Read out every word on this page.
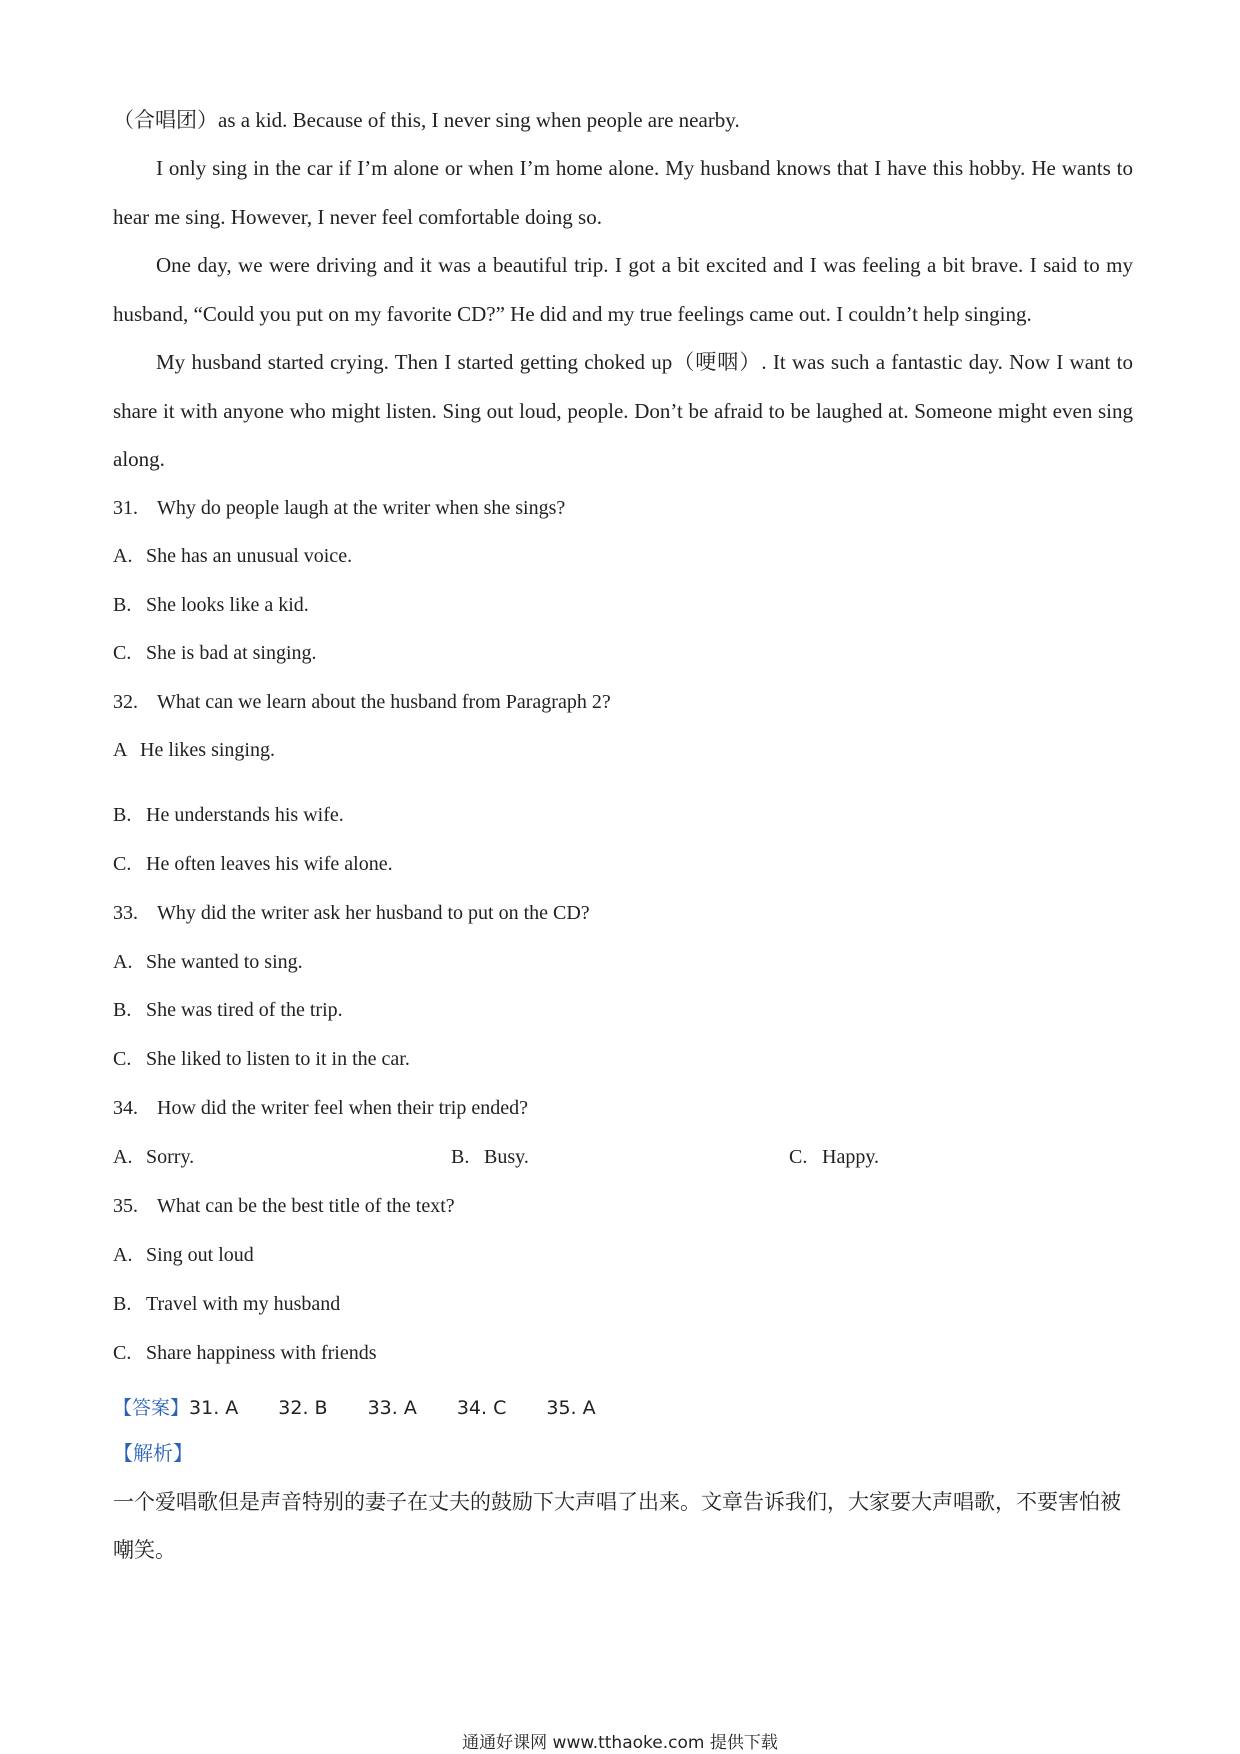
（合唱团）as a kid. Because of this, I never sing when people are nearby.
I only sing in the car if I’m alone or when I’m home alone. My husband knows that I have this hobby. He wants to hear me sing. However, I never feel comfortable doing so.
One day, we were driving and it was a beautiful trip. I got a bit excited and I was feeling a bit brave. I said to my husband, “Could you put on my favorite CD?” He did and my true feelings came out. I couldn’t help singing.
My husband started crying. Then I started getting choked up（哽咽）. It was such a fantastic day. Now I want to share it with anyone who might listen. Sing out loud, people. Don’t be afraid to be laughed at. Someone might even sing along.
31. Why do people laugh at the writer when she sings?
A. She has an unusual voice.
B. She looks like a kid.
C. She is bad at singing.
32. What can we learn about the husband from Paragraph 2?
A He likes singing.
B. He understands his wife.
C. He often leaves his wife alone.
33. Why did the writer ask her husband to put on the CD?
A. She wanted to sing.
B. She was tired of the trip.
C. She liked to listen to it in the car.
34. How did the writer feel when their trip ended?
A. Sorry.	B. Busy.	C. Happy.
35. What can be the best title of the text?
A. Sing out loud
B. Travel with my husband
C. Share happiness with friends
【答案】31. A 32. B 33. A 34. C 35. A
【解析】
一个爱唱歌但是声音特别的妻子在丈夫的鼓励下大声唱了出来。文章告诉我们，大家要大声唱歌，不要害怕被嘲笑。
通通好课网 www.tthaoke.com 提供下载
